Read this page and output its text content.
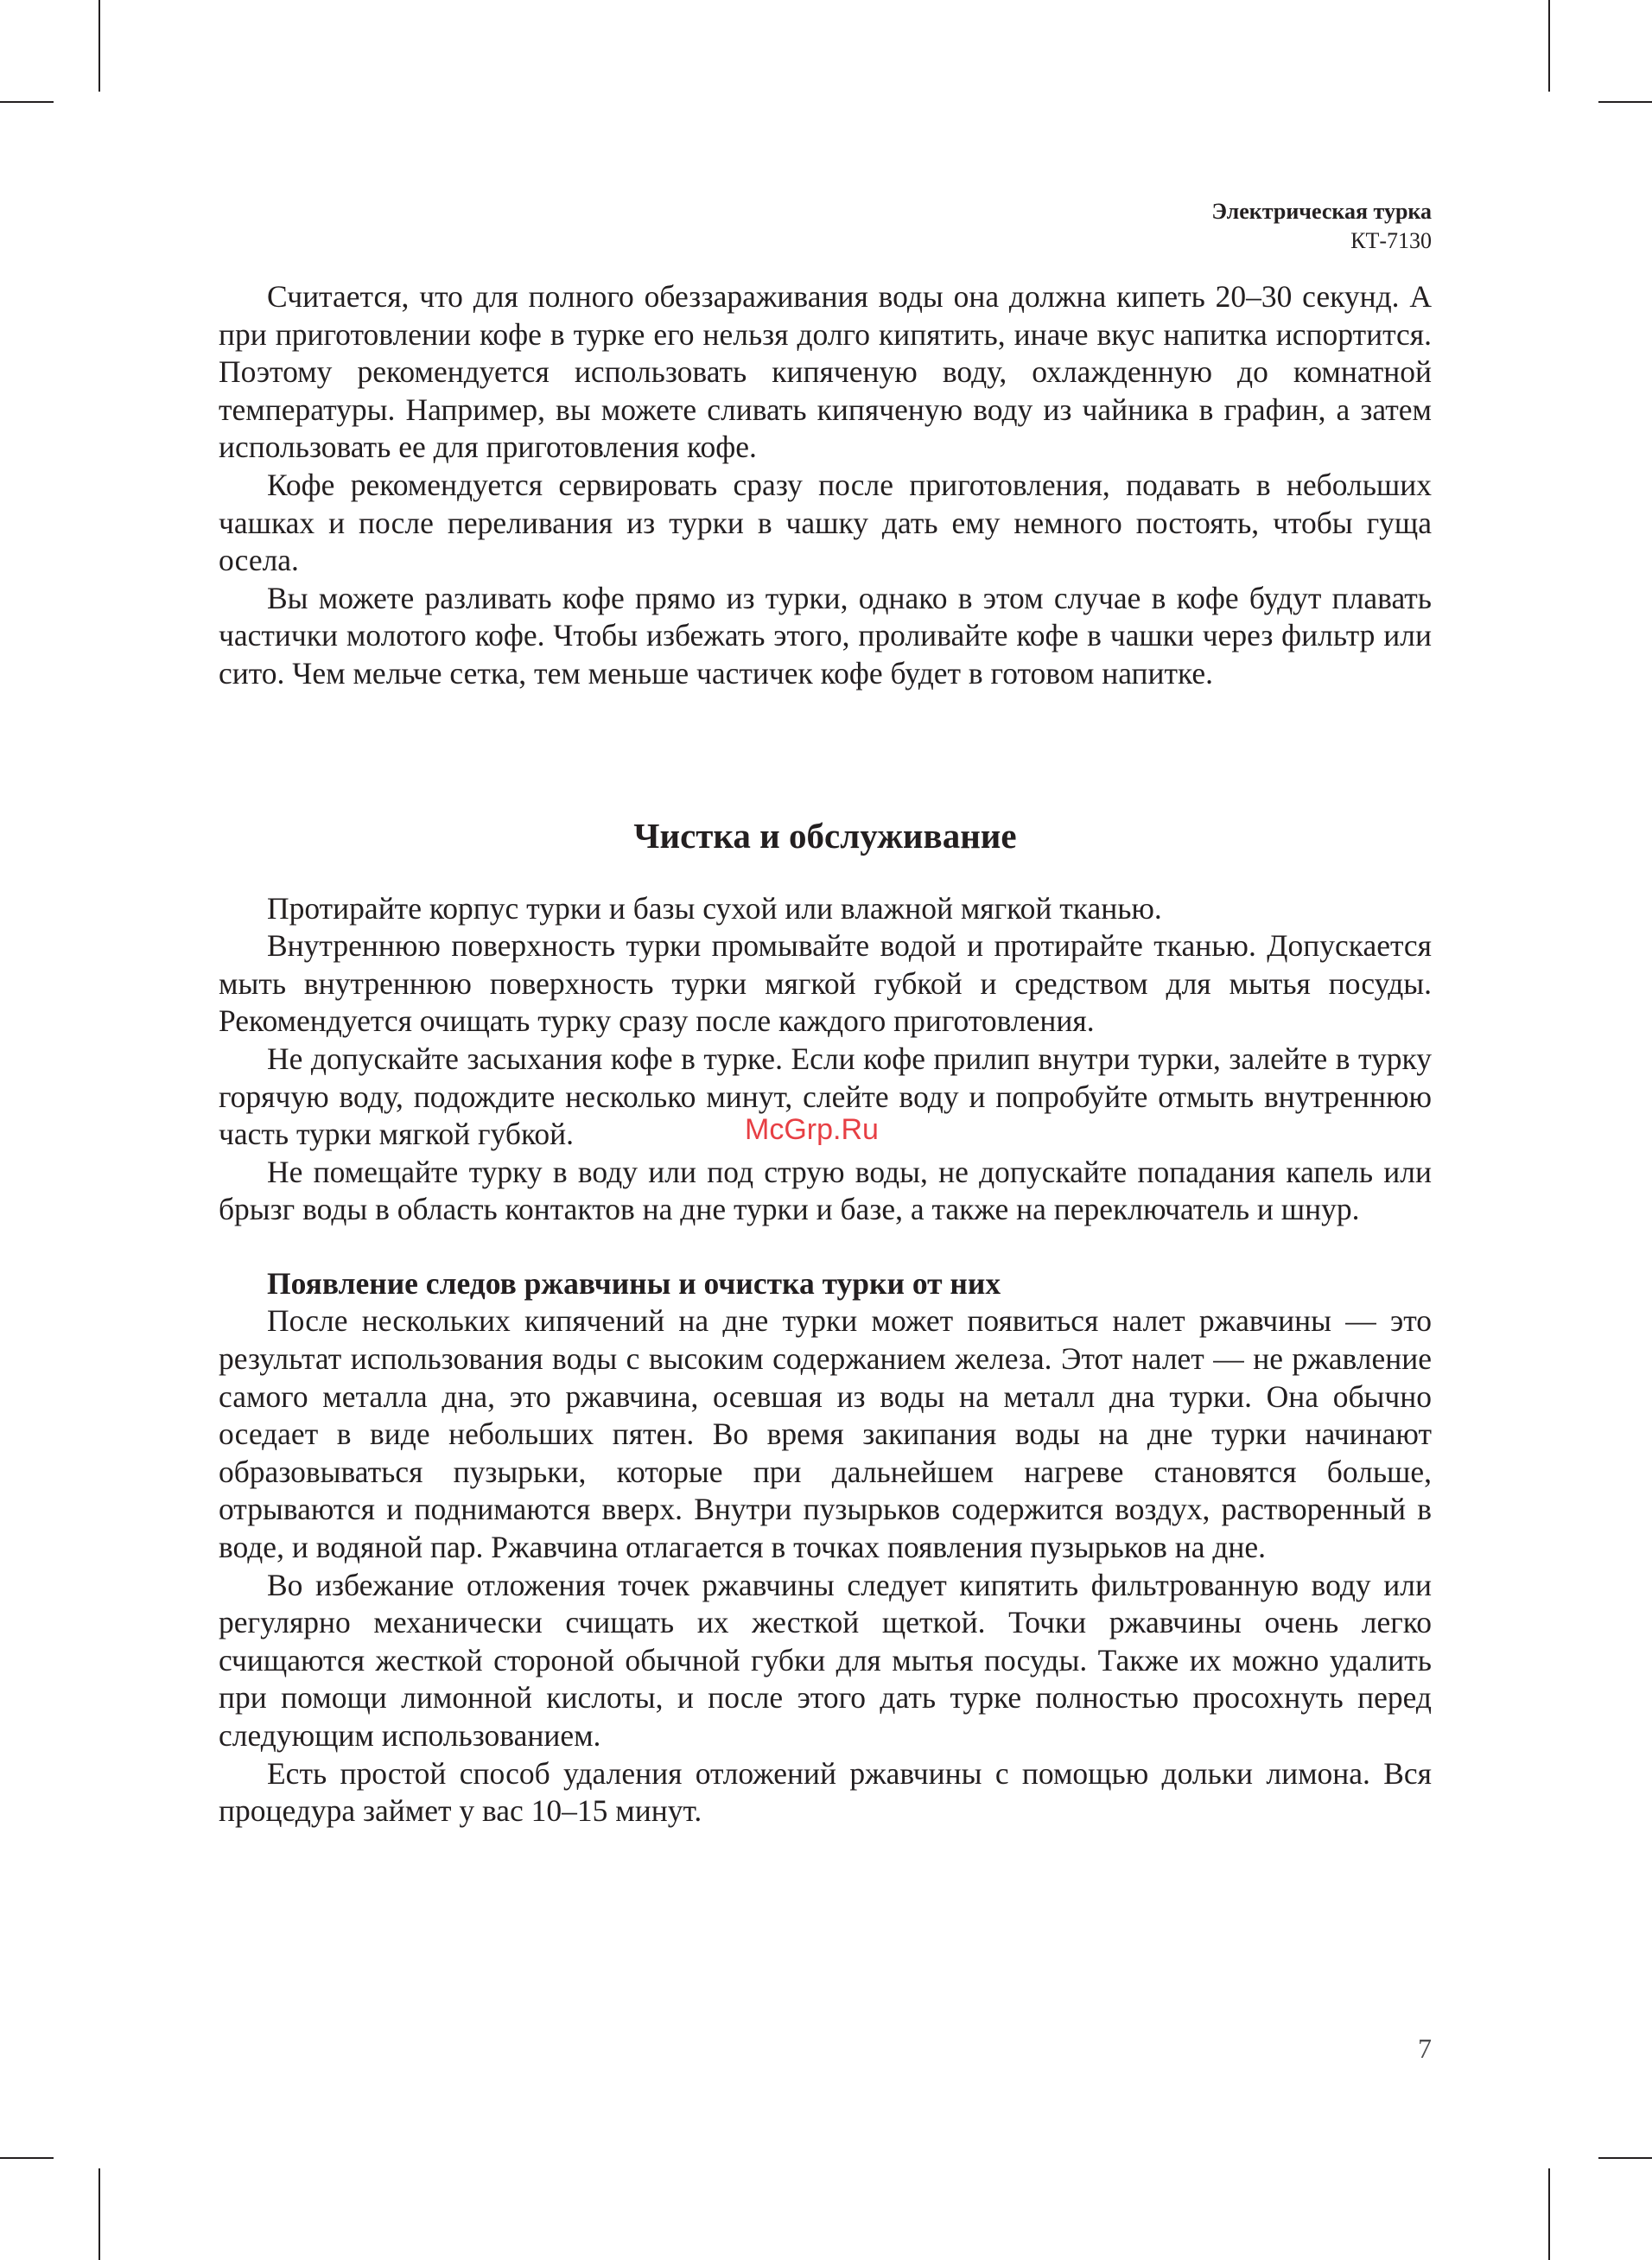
Электрическая турка
КТ-7130

Считается, что для полного обеззараживания воды она должна кипеть 20–30 секунд. А при приготовлении кофе в турке его нельзя долго кипятить, иначе вкус напитка испортится. Поэтому рекомендуется использовать кипяченую воду, охлажденную до комнатной температуры. Например, вы можете сливать кипяченую воду из чайника в графин, а затем использовать ее для приготовления кофе.

Кофе рекомендуется сервировать сразу после приготовления, подавать в небольших чашках и после переливания из турки в чашку дать ему немного постоять, чтобы гуща осела.

Вы можете разливать кофе прямо из турки, однако в этом случае в кофе будут плавать частички молотого кофе. Чтобы избежать этого, проливайте кофе в чашки через фильтр или сито. Чем мельче сетка, тем меньше частичек кофе будет в готовом напитке.

Чистка и обслуживание

Протирайте корпус турки и базы сухой или влажной мягкой тканью.

Внутреннюю поверхность турки промывайте водой и протирайте тканью. Допускается мыть внутреннюю поверхность турки мягкой губкой и средством для мытья посуды. Рекомендуется очищать турку сразу после каждого приготовления.

Не допускайте засыхания кофе в турке. Если кофе прилип внутри турки, залейте в турку горячую воду, подождите несколько минут, слейте воду и попробуйте отмыть внутреннюю часть турки мягкой губкой.

Не помещайте турку в воду или под струю воды, не допускайте попадания капель или брызг воды в область контактов на дне турки и базе, а также на переключатель и шнур.

Появление следов ржавчины и очистка турки от них

После нескольких кипячений на дне турки может появиться налет ржавчины — это результат использования воды с высоким содержанием железа. Этот налет — не ржавление самого металла дна, это ржавчина, осевшая из воды на металл дна турки. Она обычно оседает в виде небольших пятен. Во время закипания воды на дне турки начинают образовываться пузырьки, которые при дальнейшем нагреве становятся больше, отрываются и поднимаются вверх. Внутри пузырьков содержится воздух, растворенный в воде, и водяной пар. Ржавчина отлагается в точках появления пузырьков на дне.

Во избежание отложения точек ржавчины следует кипятить фильтрованную воду или регулярно механически счищать их жесткой щеткой. Точки ржавчины очень легко счищаются жесткой стороной обычной губки для мытья посуды. Также их можно удалить при помощи лимонной кислоты, и после этого дать турке полностью просохнуть перед следующим использованием.

Есть простой способ удаления отложений ржавчины с помощью дольки лимона. Вся процедура займет у вас 10–15 минут.

McGrp.Ru
7
